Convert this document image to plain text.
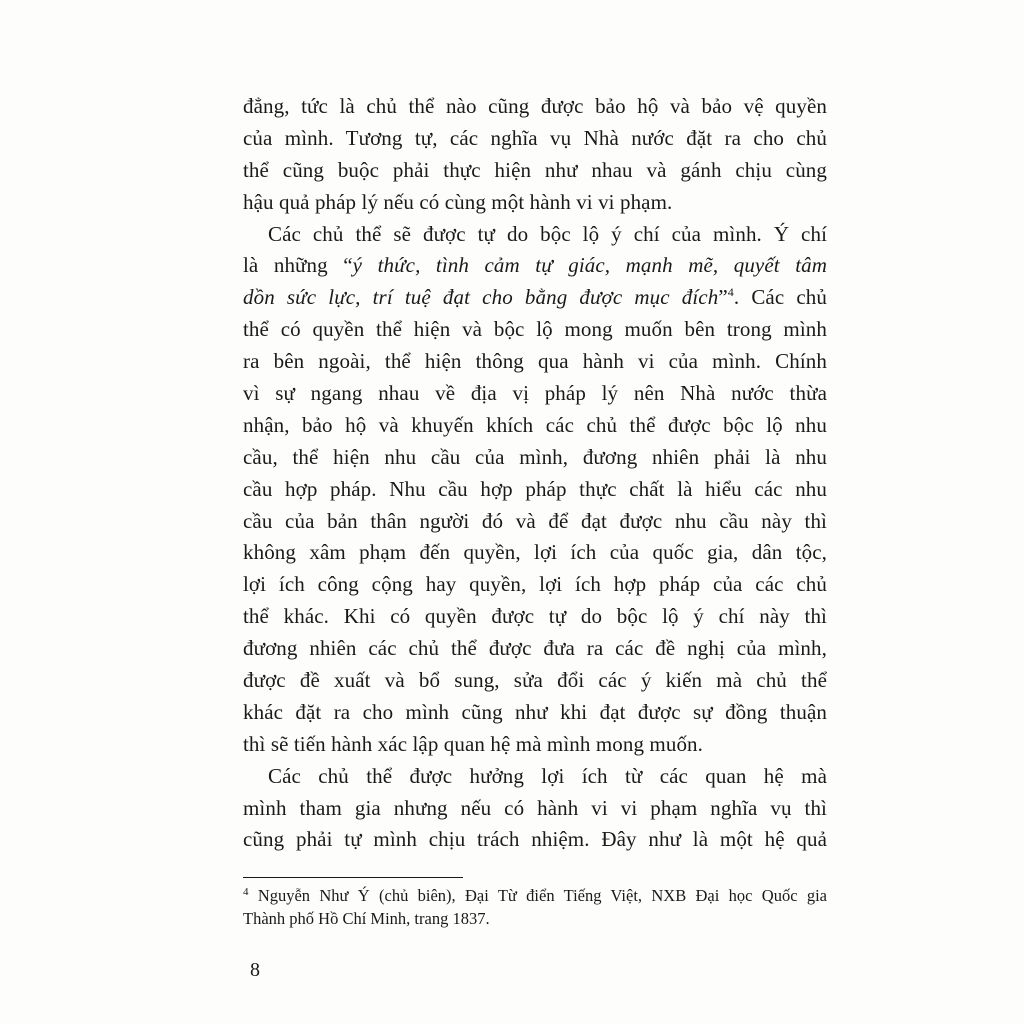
đẳng, tức là chủ thể nào cũng được bảo hộ và bảo vệ quyền
của mình. Tương tự, các nghĩa vụ Nhà nước đặt ra cho chủ
thể cũng buộc phải thực hiện như nhau và gánh chịu cùng
hậu quả pháp lý nếu có cùng một hành vi vi phạm.
Các chủ thể sẽ được tự do bộc lộ ý chí của mình. Ý chí
là những “ý thức, tình cảm tự giác, mạnh mẽ, quyết tâm
dồn sức lực, trí tuệ đạt cho bằng được mục đích”$^4$. Các chủ
thể có quyền thể hiện và bộc lộ mong muốn bên trong mình
ra bên ngoài, thể hiện thông qua hành vi của mình. Chính
vì sự ngang nhau về địa vị pháp lý nên Nhà nước thừa
nhận, bảo hộ và khuyến khích các chủ thể được bộc lộ nhu
cầu, thể hiện nhu cầu của mình, đương nhiên phải là nhu
cầu hợp pháp. Nhu cầu hợp pháp thực chất là hiểu các nhu
cầu của bản thân người đó và để đạt được nhu cầu này thì
không xâm phạm đến quyền, lợi ích của quốc gia, dân tộc,
lợi ích công cộng hay quyền, lợi ích hợp pháp của các chủ
thể khác. Khi có quyền được tự do bộc lộ ý chí này thì
đương nhiên các chủ thể được đưa ra các đề nghị của mình,
được đề xuất và bổ sung, sửa đổi các ý kiến mà chủ thể
khác đặt ra cho mình cũng như khi đạt được sự đồng thuận
thì sẽ tiến hành xác lập quan hệ mà mình mong muốn.
Các chủ thể được hưởng lợi ích từ các quan hệ mà
mình tham gia nhưng nếu có hành vi vi phạm nghĩa vụ thì
cũng phải tự mình chịu trách nhiệm. Đây như là một hệ quả
$^4$ Nguyễn Như Ý (chủ biên), Đại Từ điển Tiếng Việt, NXB Đại học Quốc gia
Thành phố Hồ Chí Minh, trang 1837.
8
